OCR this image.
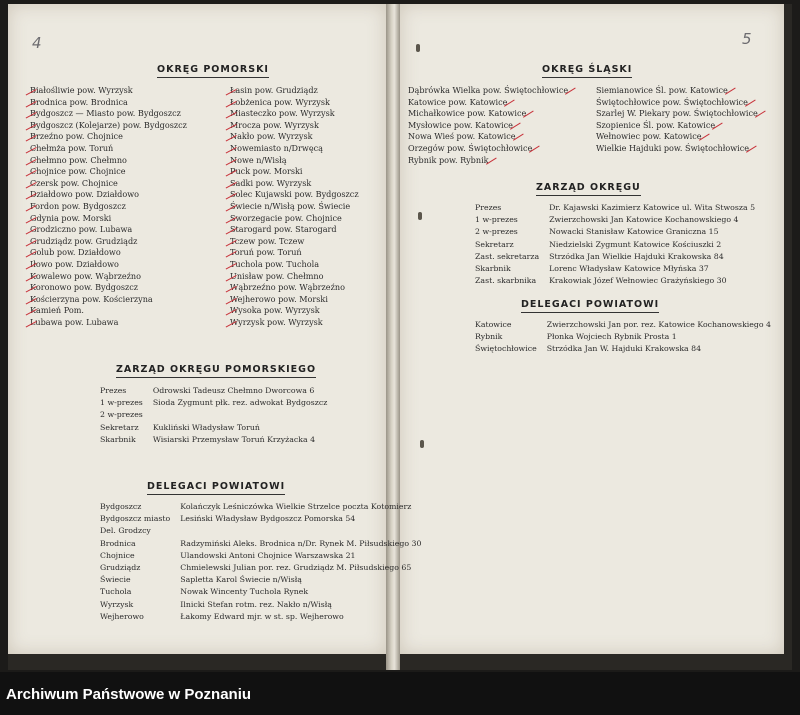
4	5
OKRĘG POMORSKI
Białośliwie pow. Wyrzysk
Brodnica pow. Brodnica
Bydgoszcz — Miasto pow. Bydgoszcz
Bydgoszcz (Kolejarze) pow. Bydgoszcz
Brzeźno pow. Chojnice
Chełmża pow. Toruń
Chełmno pow. Chełmno
Chojnice pow. Chojnice
Czersk pow. Chojnice
Działdowo pow. Działdowo
Fordon pow. Bydgoszcz
Gdynia pow. Morski
Grodziczno pow. Lubawa
Grudziądz pow. Grudziądz
Golub pow. Działdowo
Iłowo pow. Działdowo
Kowalewo pow. Wąbrzeźno
Koronowo pow. Bydgoszcz
Kościerzyna pow. Kościerzyna
Kamień Pom.
Lubawa pow. Lubawa
Łasin pow. Grudziądz
Łobżenica pow. Wyrzysk
Miasteczko pow. Wyrzysk
Mrocza pow. Wyrzysk
Nakło pow. Wyrzysk
Nowemiasto n/Drwęcą
Nowe n/Wisłą
Puck pow. Morski
Sadki pow. Wyrzysk
Solec Kujawski pow. Bydgoszcz
Świecie n/Wisłą pow. Świecie
Sworzegacie pow. Chojnice
Starogard pow. Starogard
Tczew pow. Tczew
Toruń pow. Toruń
Tuchola pow. Tuchola
Unisław pow. Chełmno
Wąbrzeźno pow. Wąbrzeźno
Wejherowo pow. Morski
Wysoka pow. Wyrzysk
Wyrzysk pow. Wyrzysk
ZARZĄD OKRĘGU POMORSKIEGO
Prezes	Odrowski Tadeusz Chełmno Dworcowa 6
1 w-prezes	Sioda Zygmunt płk. rez. adwokat Bydgoszcz
2 w-prezes	
Sekretarz	Kukliński Władysław Toruń
Skarbnik	Wisiarski Przemysław Toruń Krzyżacka 4
DELEGACI POWIATOWI
Bydgoszcz	Kolańczyk Leśniczówka Wielkie Strzelce poczta Kotomierz
Bydgoszcz miasto	Lesiński Władysław Bydgoszcz Pomorska 54
Del. Grodzcy	
Brodnica	Radzymiński Aleks. Brodnica n/Dr. Rynek M. Piłsudskiego 30
Chojnice	Ulandowski Antoni Chojnice Warszawska 21
Grudziądz	Chmielewski Julian por. rez. Grudziądz M. Piłsudskiego 65
Świecie	Sapletta Karol Świecie n/Wisłą
Tuchola	Nowak Wincenty Tuchola Rynek
Wyrzysk	Ilnicki Stefan rotm. rez. Nakło n/Wisłą
Wejherowo	Łakomy Edward mjr. w st. sp. Wejherowo
OKRĘG ŚLĄSKI
Dąbrówka Wielka pow. Świętochłowice
Katowice pow. Katowice
Michałkowice pow. Katowice
Mysłowice pow. Katowice
Nowa Wieś pow. Katowice
Orzegów pow. Świętochłowice
Rybnik pow. Rybnik
Siemianowice Śl. pow. Katowice
Świętochłowice pow. Świętochłowice
Szarlej W. Piekary pow. Świętochłowice
Szopienice Śl. pow. Katowice
Wełnowiec pow. Katowice
Wielkie Hajduki pow. Świętochłowice
ZARZĄD OKRĘGU
Prezes	Dr. Kajawski Kazimierz Katowice ul. Wita Stwosza 5
1 w-prezes	Zwierzchowski Jan Katowice Kochanowskiego 4
2 w-prezes	Nowacki Stanisław Katowice Graniczna 15
Sekretarz	Niedzielski Zygmunt Katowice Kościuszki 2
Zast. sekretarza	Strzódka Jan Wielkie Hajduki Krakowska 84
Skarbnik	Lorenc Władysław Katowice Młyńska 37
Zast. skarbnika	Krakowiak Józef Wełnowiec Grażyńskiego 30
DELEGACI POWIATOWI
Katowice	Zwierzchowski Jan por. rez. Katowice Kochanowskiego 4
Rybnik	Płonka Wojciech Rybnik Prosta 1
Świętochłowice	Strzódka Jan W. Hajduki Krakowska 84
Archiwum Państwowe w Poznaniu
